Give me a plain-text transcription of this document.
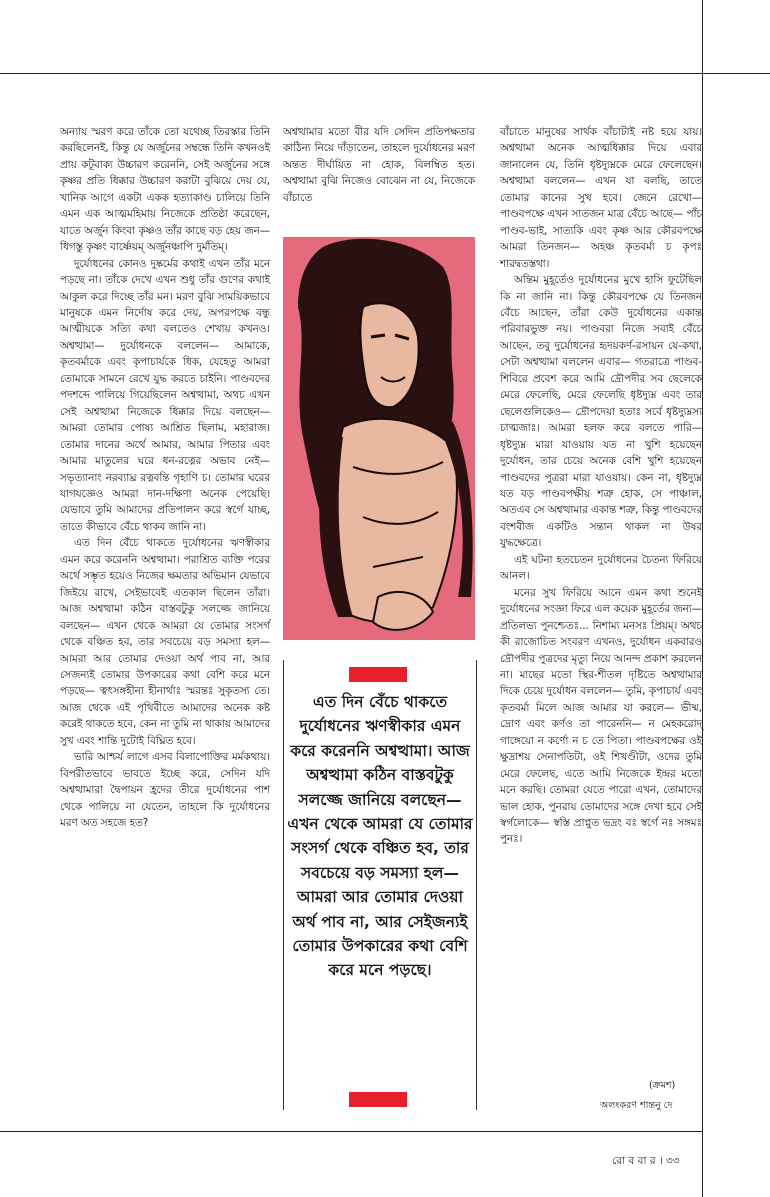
অন্যায় স্মরণ করে তাঁকে তো যথেচ্ছ তিরস্কার তিনি করছিলেনই, কিন্তু যে অর্জুনের সম্বন্ধে তিনি কখনওই প্রায় কটূবাক্য উচ্চারণ করেননি, সেই অর্জুনের সঙ্গে কৃষ্ণর প্রতি ধিক্কার উচ্চারণ করাটা বুঝিয়ে দেয় যে, খানিক আগে একটা একক হত্যাকাণ্ড চালিয়ে তিনি এমন এক আত্মমহিমায় নিজেকে প্রতিষ্ঠা করেছেন, যাতে অর্জুন কিংবা কৃষ্ণও তাঁর কাছে বড় হেয় জন— ধিগস্তু কৃষ্ণং বার্ষ্ণেয়ম্ অর্জুনঞ্চাপি দুর্মতিম্।

দুর্যোধনের কোনও দুষ্কর্মের কথাই এখন তাঁর মনে পড়ছে না। তাঁকে দেখে এখন শুধু তাঁর গুণের কথাই আকুল করে দিচ্ছে তাঁর মন। মরণ বুঝি সাময়িকভাবে মানুষকে এমন নির্দোষ করে দেয়, অপরপক্ষে বন্ধু আত্মীয়কে সত্যি কথা বলতেও শেখায় কখনও। অশ্বত্থামা— দুর্যোধনকে বললেন— আমাকে, কৃতবর্মাকে এবং কৃপাচার্যকে ধিক, যেহেতু আমরা তোমাকে সামনে রেখে যুদ্ধ করতে চাইনি। পাণ্ডবদের পদশব্দে পালিয়ে গিয়েছিলেন অশ্বত্থামা, অথচ এখন সেই অশ্বত্থামা নিজেকে ধিক্কার দিয়ে বলছেন— আমরা তোমার পোষ্য আশ্রিত ছিলাম, মহারাজ। তোমার দানের অর্থে আমার, আমার পিতার এবং আমার মাতুলের ঘরে ধন-রত্নের অভাব নেই— সভৃত্যানাং নরব্যাঘ্র রত্নবন্তি গৃহাণি চ। তোমার ঘরের যাগযজ্ঞেও আমরা দান-দক্ষিণা অনেক পেয়েছি। যেভাবে তুমি আমাদের প্রতিপালন করে স্বর্গে যাচ্ছ, তাতে কীভাবে বেঁচে থাকব জানি না।

এত দিন বেঁচে থাকতে দুর্যোধনের ঋণস্বীকার এমন করে করেননি অশ্বত্থামা। পরাশ্রিত ব্যক্তি পরের অর্থে সম্ভৃত হয়েও নিজের ক্ষমতার অভিমান যেভাবে জিইয়ে রাখে, সেইভাবেই এতকাল ছিলেন তাঁরা। আজ অশ্বত্থামা কঠিন বাস্তবটুকু সলজ্জে জানিয়ে বলছেন— এখন থেকে আমরা যে তোমার সংসর্গ থেকে বঞ্চিত হব, তার সবচেয়ে বড় সমস্যা হল— আমরা আর তোমার দেওয়া অর্থ পাব না, আর সেজন্যই তোমার উপকারের কথা বেশি করে মনে পড়ছে— ত্বৎসঙ্গহীনা হীনার্থাঃ স্মরন্তঃ সুকৃতস্য তে। আজ থেকে এই পৃথিবীতে আমাদের অনেক কষ্ট করেই থাকতে হবে, কেন না তুমি না থাকায় আমাদের সুখ এবং শান্তি দুটোই বিঘ্নিত হবে।

ভারি আশ্চর্য লাগে এসব বিলাপোক্তির মর্মকথায়। বিপরীতভাবে ভাবতে ইচ্ছে করে, সেদিন যদি অশ্বত্থামারা দ্বৈপায়ন হ্রদের তীরে দুর্যোধনের পাশ থেকে পালিয়ে না যেতেন, তাহলে কি দুর্যোধনের মরণ অত সহজে হত?

অশ্বত্থামার মতো বীর যদি সেদিন প্রতিপক্ষতার কাঠিন্য নিয়ে দাঁড়াতেন, তাহলে দুর্যোধনের মরণ অন্তত দীর্ঘায়িত না হোক, বিলম্বিত হত। অশ্বত্থামা বুঝি নিজেও বোঝেন না যে, নিজেকে বাঁচাতে

এত দিন বেঁচে থাকতে দুর্যোধনের ঋণস্বীকার এমন করে করেননি অশ্বত্থামা। আজ অশ্বত্থামা কঠিন বাস্তবটুকু সলজ্জে জানিয়ে বলছেন— এখন থেকে আমরা যে তোমার সংসর্গ থেকে বঞ্চিত হব, তার সবচেয়ে বড় সমস্যা হল— আমরা আর তোমার দেওয়া অর্থ পাব না, আর সেইজন্যই তোমার উপকারের কথা বেশি করে মনে পড়ছে।

বাঁচাতে মানুষের সার্থক বাঁচাটাই নষ্ট হয়ে যায়। অশ্বত্থামা অনেক আত্মধিক্কার দিয়ে এবার জানালেন যে, তিনি ধৃষ্টদ্যুম্নকে মেরে ফেলেছেন। অশ্বত্থামা বললেন— এখন যা বলছি, তাতে তোমার কানের সুখ হবে। জেনে রেখো— পাণ্ডবপক্ষে এখন সাতজন মাত্র বেঁচে আছে— পাঁচ পাণ্ডব-ভাই, সাত্যকি এবং কৃষ্ণ আর কৌরবপক্ষে আমরা তিনজন— অহঞ্চ কৃতবর্মা চ কৃপঃ শারদ্বতস্তথা।

অন্তিম মুহূর্তেও দুর্যোধনের মুখে হাসি ফুটেছিল কি না জানি না। কিন্তু কৌরবপক্ষে যে তিনজন বেঁচে আছেন, তাঁরা কেউ দুর্যোধনের একান্ত পরিবারভুক্ত নয়। পাণ্ডবরা নিজে সবাই বেঁচে আছেন, তবু দুর্যোধনের হৃদয়কর্ণ-রসায়ন যে-কথা, সেটা অশ্বত্থামা বললেন এবার— গতরাত্রে পাণ্ডব-শিবিরে প্রবেশ করে আমি দ্রৌপদীর সব ছেলেকে মেরে ফেলেছি, মেরে ফেলেছি ধৃষ্টদ্যুম্ন এবং তার ছেলেগুলিকেও— দ্রৌপদেয়া হতাঃ সর্বে ধৃষ্টদ্যুম্নস্য চাত্মজাঃ। আমরা হলফ করে বলতে পারি— ধৃষ্টদ্যুম্ন মারা যাওয়ায় যত না খুশি হয়েছেন দুর্যোধন, তার চেয়ে অনেক বেশি খুশি হয়েছেন পাণ্ডবদের পুত্ররা মারা যাওয়ায়। কেন না, ধৃষ্টদ্যুম্ন যত বড় পাণ্ডবপক্ষীয় শত্রু হোক, সে পাঞ্চাল, অতএব সে অশ্বত্থামার একান্ত শত্রু, কিন্তু পাণ্ডবদের বংশবীজ একটিও সন্তান থাকল না উষর যুদ্ধক্ষেত্রে।

এই ঘটনা হতচেতন দুর্যোধনের চৈতন্য ফিরিয়ে আনল।

মনের সুখ ফিরিয়ে আনে এমন কথা শুনেই দুর্যোধনের সংজ্ঞা ফিরে এল কয়েক মুহূর্তের জন্য— প্রতিলভ্য পুনশ্চেতঃ... নিশাম্য মনসঃ প্রিয়ম্। অথচ কী রাজোচিত সংবরণ এখনও, দুর্যোধন একবারও দ্রৌপদীর পুত্রদের মৃত্যু নিয়ে আনন্দ প্রকাশ করলেন না। মাছের মতো স্থির-শীতল দৃষ্টিতে অশ্বত্থামার দিকে চেয়ে দুর্যোধন বললেন— তুমি, কৃপাচার্য এবং কৃতবর্মা মিলে আজ আমার যা করলে— ভীষ্ম, দ্রোণ এবং কর্ণও তা পারেননি— ন মেহকরোদ্ গাঙ্গেয়ো ন কর্ণো ন চ তে পিতা। পাণ্ডবপক্ষের ওই ক্ষুদ্রাশয় সেনাপতিটা, ওই শিখণ্ডীটা, ওদের তুমি মেরে ফেলেছ, এতে আমি নিজেকে ইন্দ্রর মতো মনে করছি। তোমরা যেতে পারো এখন, তোমাদের ভাল হোক, পুনরায় তোমাদের সঙ্গে দেখা হবে সেই স্বর্গলোকে— স্বস্তি প্রাপ্নুত ভদ্রং বঃ স্বর্গে নঃ সঙ্গমঃ পুনঃ।

(ক্রমশ)
অলংকরণ শান্তনু দে
রো ব বা র । ৩৩
